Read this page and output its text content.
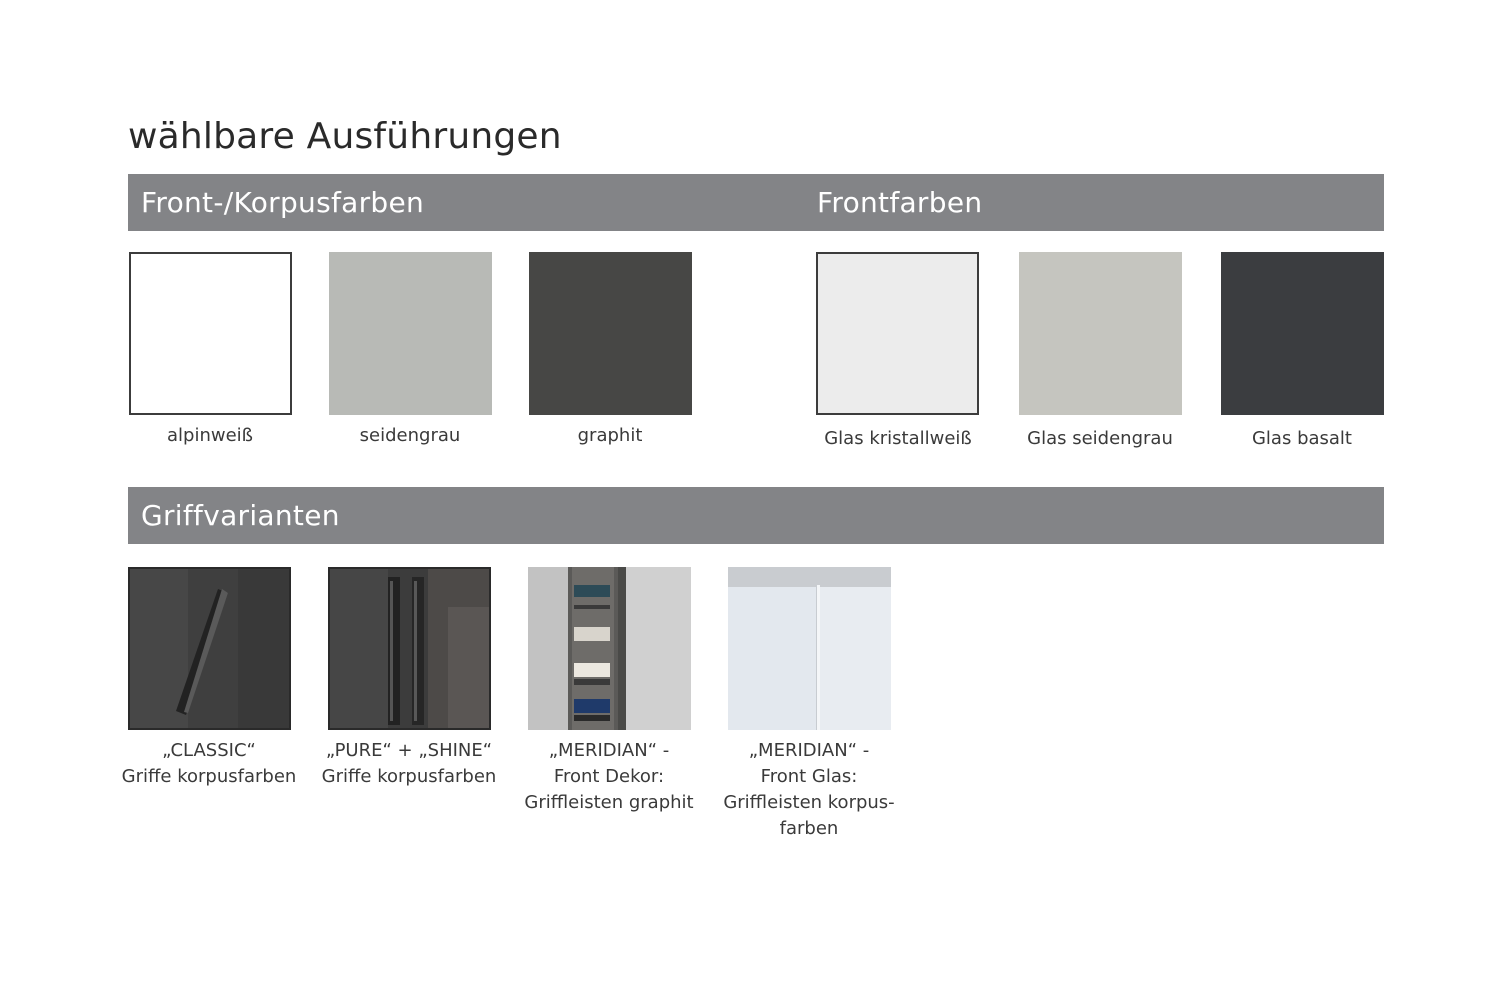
wählbare Ausführungen
Front-/Korpusfarben	Frontfarben
alpinweiß	seidengrau	graphit	Glas kristallweiß	Glas seidengrau	Glas basalt
Griffvarianten
„CLASSIC“
Griffe korpusfarben
„PURE“ + „SHINE“
Griffe korpusfarben
„MERIDIAN“ -
Front Dekor:
Griffleisten graphit
„MERIDIAN“ -
Front Glas:
Griffleisten korpus-
farben
